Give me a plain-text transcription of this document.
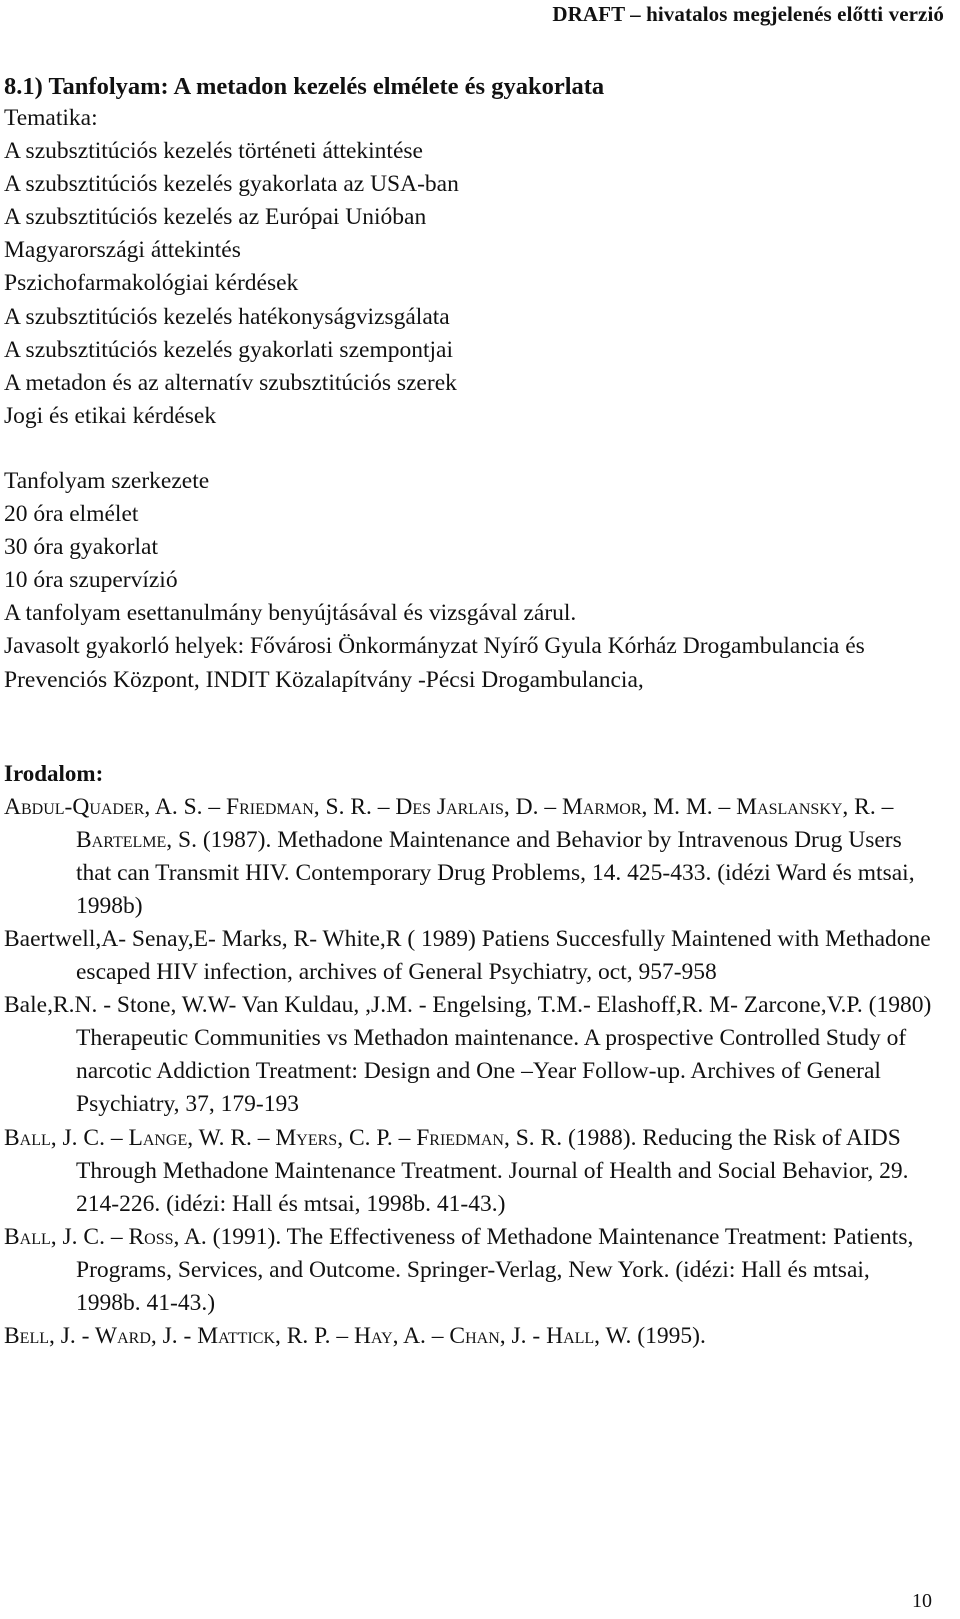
DRAFT – hivatalos megjelenés előtti verzió
8.1) Tanfolyam: A metadon kezelés elmélete és gyakorlata
Tematika:
A szubsztitúciós kezelés történeti áttekintése
A szubsztitúciós kezelés gyakorlata az USA-ban
A szubsztitúciós kezelés az Európai Unióban
Magyarországi áttekintés
Pszichofarmakológiai kérdések
A szubsztitúciós kezelés hatékonyságvizsgálata
A szubsztitúciós kezelés gyakorlati szempontjai
A metadon és az alternatív szubsztitúciós szerek
Jogi és etikai kérdések
Tanfolyam szerkezete
20 óra elmélet
30 óra gyakorlat
10 óra szupervízió
A tanfolyam esettanulmány benyújtásával és vizsgával zárul.
Javasolt gyakorló helyek: Fővárosi Önkormányzat Nyírő Gyula Kórház Drogambulancia és Prevenciós Központ, INDIT Közalapítvány -Pécsi Drogambulancia,
Irodalom:
Abdul-Quader, A. S. – Friedman, S. R. – Des Jarlais, D. – Marmor, M. M. – Maslansky, R. – Bartelme, S. (1987). Methadone Maintenance and Behavior by Intravenous Drug Users that can Transmit HIV. Contemporary Drug Problems, 14. 425-433. (idézi Ward és mtsai, 1998b)
Baertwell,A- Senay,E- Marks, R- White,R ( 1989) Patiens Succesfully Maintened with Methadone escaped HIV infection, archives of General Psychiatry, oct, 957-958
Bale,R.N. - Stone, W.W- Van Kuldau, ,J.M. - Engelsing, T.M.- Elashoff,R. M- Zarcone,V.P. (1980) Therapeutic Communities vs Methadon maintenance. A prospective Controlled Study of narcotic Addiction Treatment: Design and One –Year Follow-up. Archives of General Psychiatry, 37, 179-193
Ball, J. C. – Lange, W. R. – Myers, C. P. – Friedman, S. R. (1988). Reducing the Risk of AIDS Through Methadone Maintenance Treatment. Journal of Health and Social Behavior, 29. 214-226. (idézi: Hall és mtsai, 1998b. 41-43.)
Ball, J. C. – Ross, A. (1991). The Effectiveness of Methadone Maintenance Treatment: Patients, Programs, Services, and Outcome. Springer-Verlag, New York. (idézi: Hall és mtsai, 1998b. 41-43.)
Bell, J. - Ward, J. - Mattick, R. P. – Hay, A. – Chan, J. - Hall, W. (1995).
10
